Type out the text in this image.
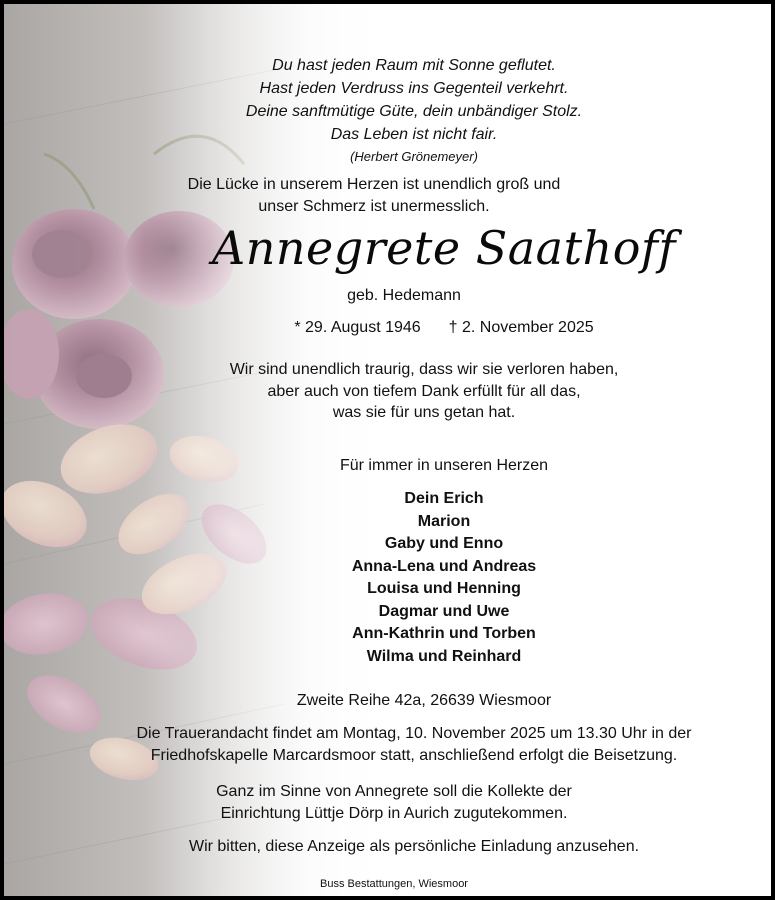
Du hast jeden Raum mit Sonne geflutet.
Hast jeden Verdruss ins Gegenteil verkehrt.
Deine sanftmütige Güte, dein unbändiger Stolz.
Das Leben ist nicht fair.
(Herbert Grönemeyer)
Die Lücke in unserem Herzen ist unendlich groß und
unser Schmerz ist unermesslich.
Annegrete Saathoff
geb. Hedemann
* 29. August 1946 † 2. November 2025
Wir sind unendlich traurig, dass wir sie verloren haben,
aber auch von tiefem Dank erfüllt für all das,
was sie für uns getan hat.
Für immer in unseren Herzen
Dein Erich
Marion
Gaby und Enno
Anna-Lena und Andreas
Louisa und Henning
Dagmar und Uwe
Ann-Kathrin und Torben
Wilma und Reinhard
Zweite Reihe 42a, 26639 Wiesmoor
Die Trauerandacht findet am Montag, 10. November 2025 um 13.30 Uhr in der
Friedhofskapelle Marcardsmoor statt, anschließend erfolgt die Beisetzung.
Ganz im Sinne von Annegrete soll die Kollekte der
Einrichtung Lüttje Dörp in Aurich zugutekommen.
Wir bitten, diese Anzeige als persönliche Einladung anzusehen.
Buss Bestattungen, Wiesmoor
